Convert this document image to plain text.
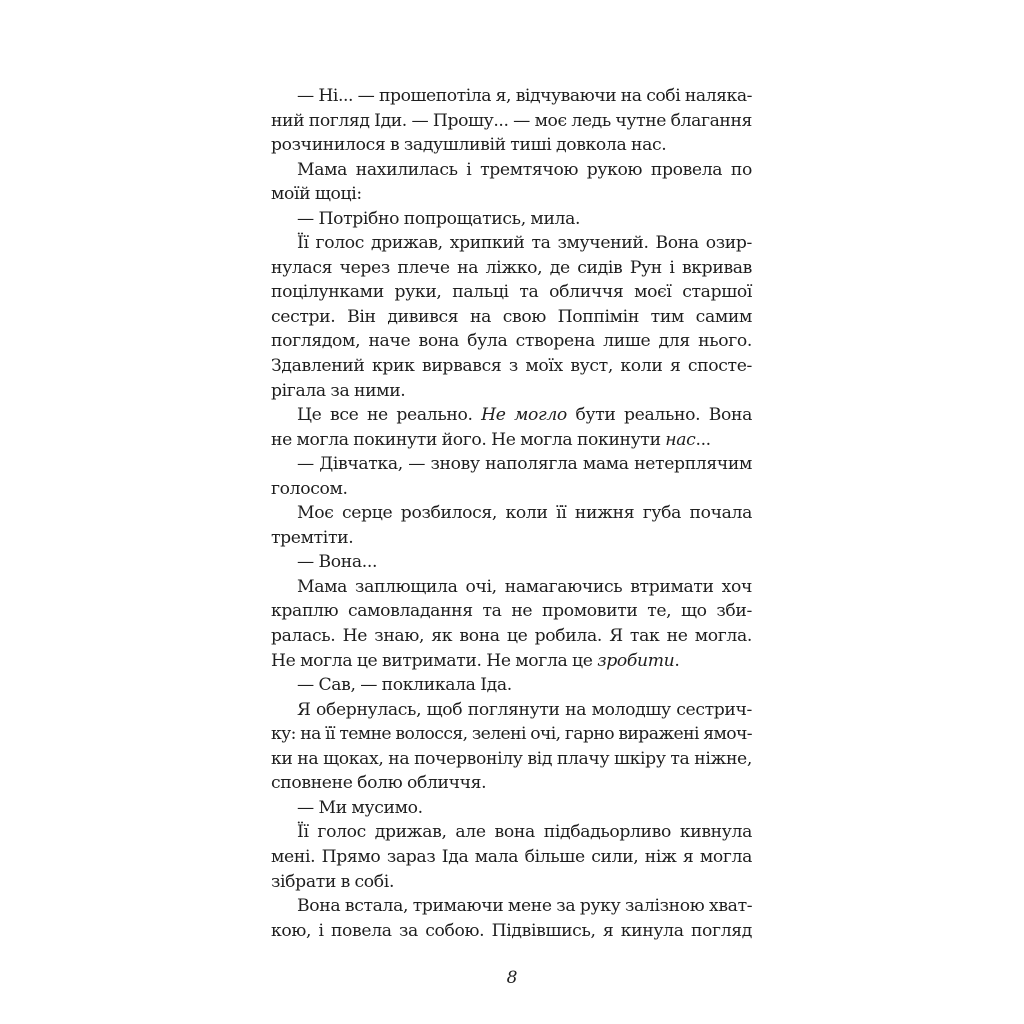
— Ні... — прошепотіла я, відчуваючи на собі наляка-
ний погляд Іди. — Прошу... — моє ледь чутне благання
розчинилося в задушливій тиші довкола нас.

Мама нахилилась і тремтячою рукою провела по
моїй щоці:

— Потрібно попрощатись, мила.

Її голос дрижав, хрипкий та змучений. Вона озир-
нулася через плече на ліжко, де сидів Рун і вкривав
поцілунками руки, пальці та обличчя моєї старшої
сестри. Він дивився на свою Поппімін тим самим
поглядом, наче вона була створена лише для нього.
Здавлений крик вирвався з моїх вуст, коли я спосте-
рігала за ними.

Це все не реально. Не могло бути реально. Вона
не могла покинути його. Не могла покинути нас...

— Дівчатка, — знову наполягла мама нетерплячим
голосом.

Моє серце розбилося, коли її нижня губа почала
тремтіти.

— Вона...

Мама заплющила очі, намагаючись втримати хоч
краплю самовладання та не промовити те, що зби-
ралась. Не знаю, як вона це робила. Я так не могла.
Не могла це витримати. Не могла це зробити.

— Сав, — покликала Іда.

Я обернулась, щоб поглянути на молодшу сестрич-
ку: на її темне волосся, зелені очі, гарно виражені ямоч-
ки на щоках, на почервонілу від плачу шкіру та ніжне,
сповнене болю обличчя.

— Ми мусимо.

Її голос дрижав, але вона підбадьорливо кивнула
мені. Прямо зараз Іда мала більше сили, ніж я могла
зібрати в собі.

Вона встала, тримаючи мене за руку залізною хват-
кою, і повела за собою. Підвівшись, я кинула погляд

8
